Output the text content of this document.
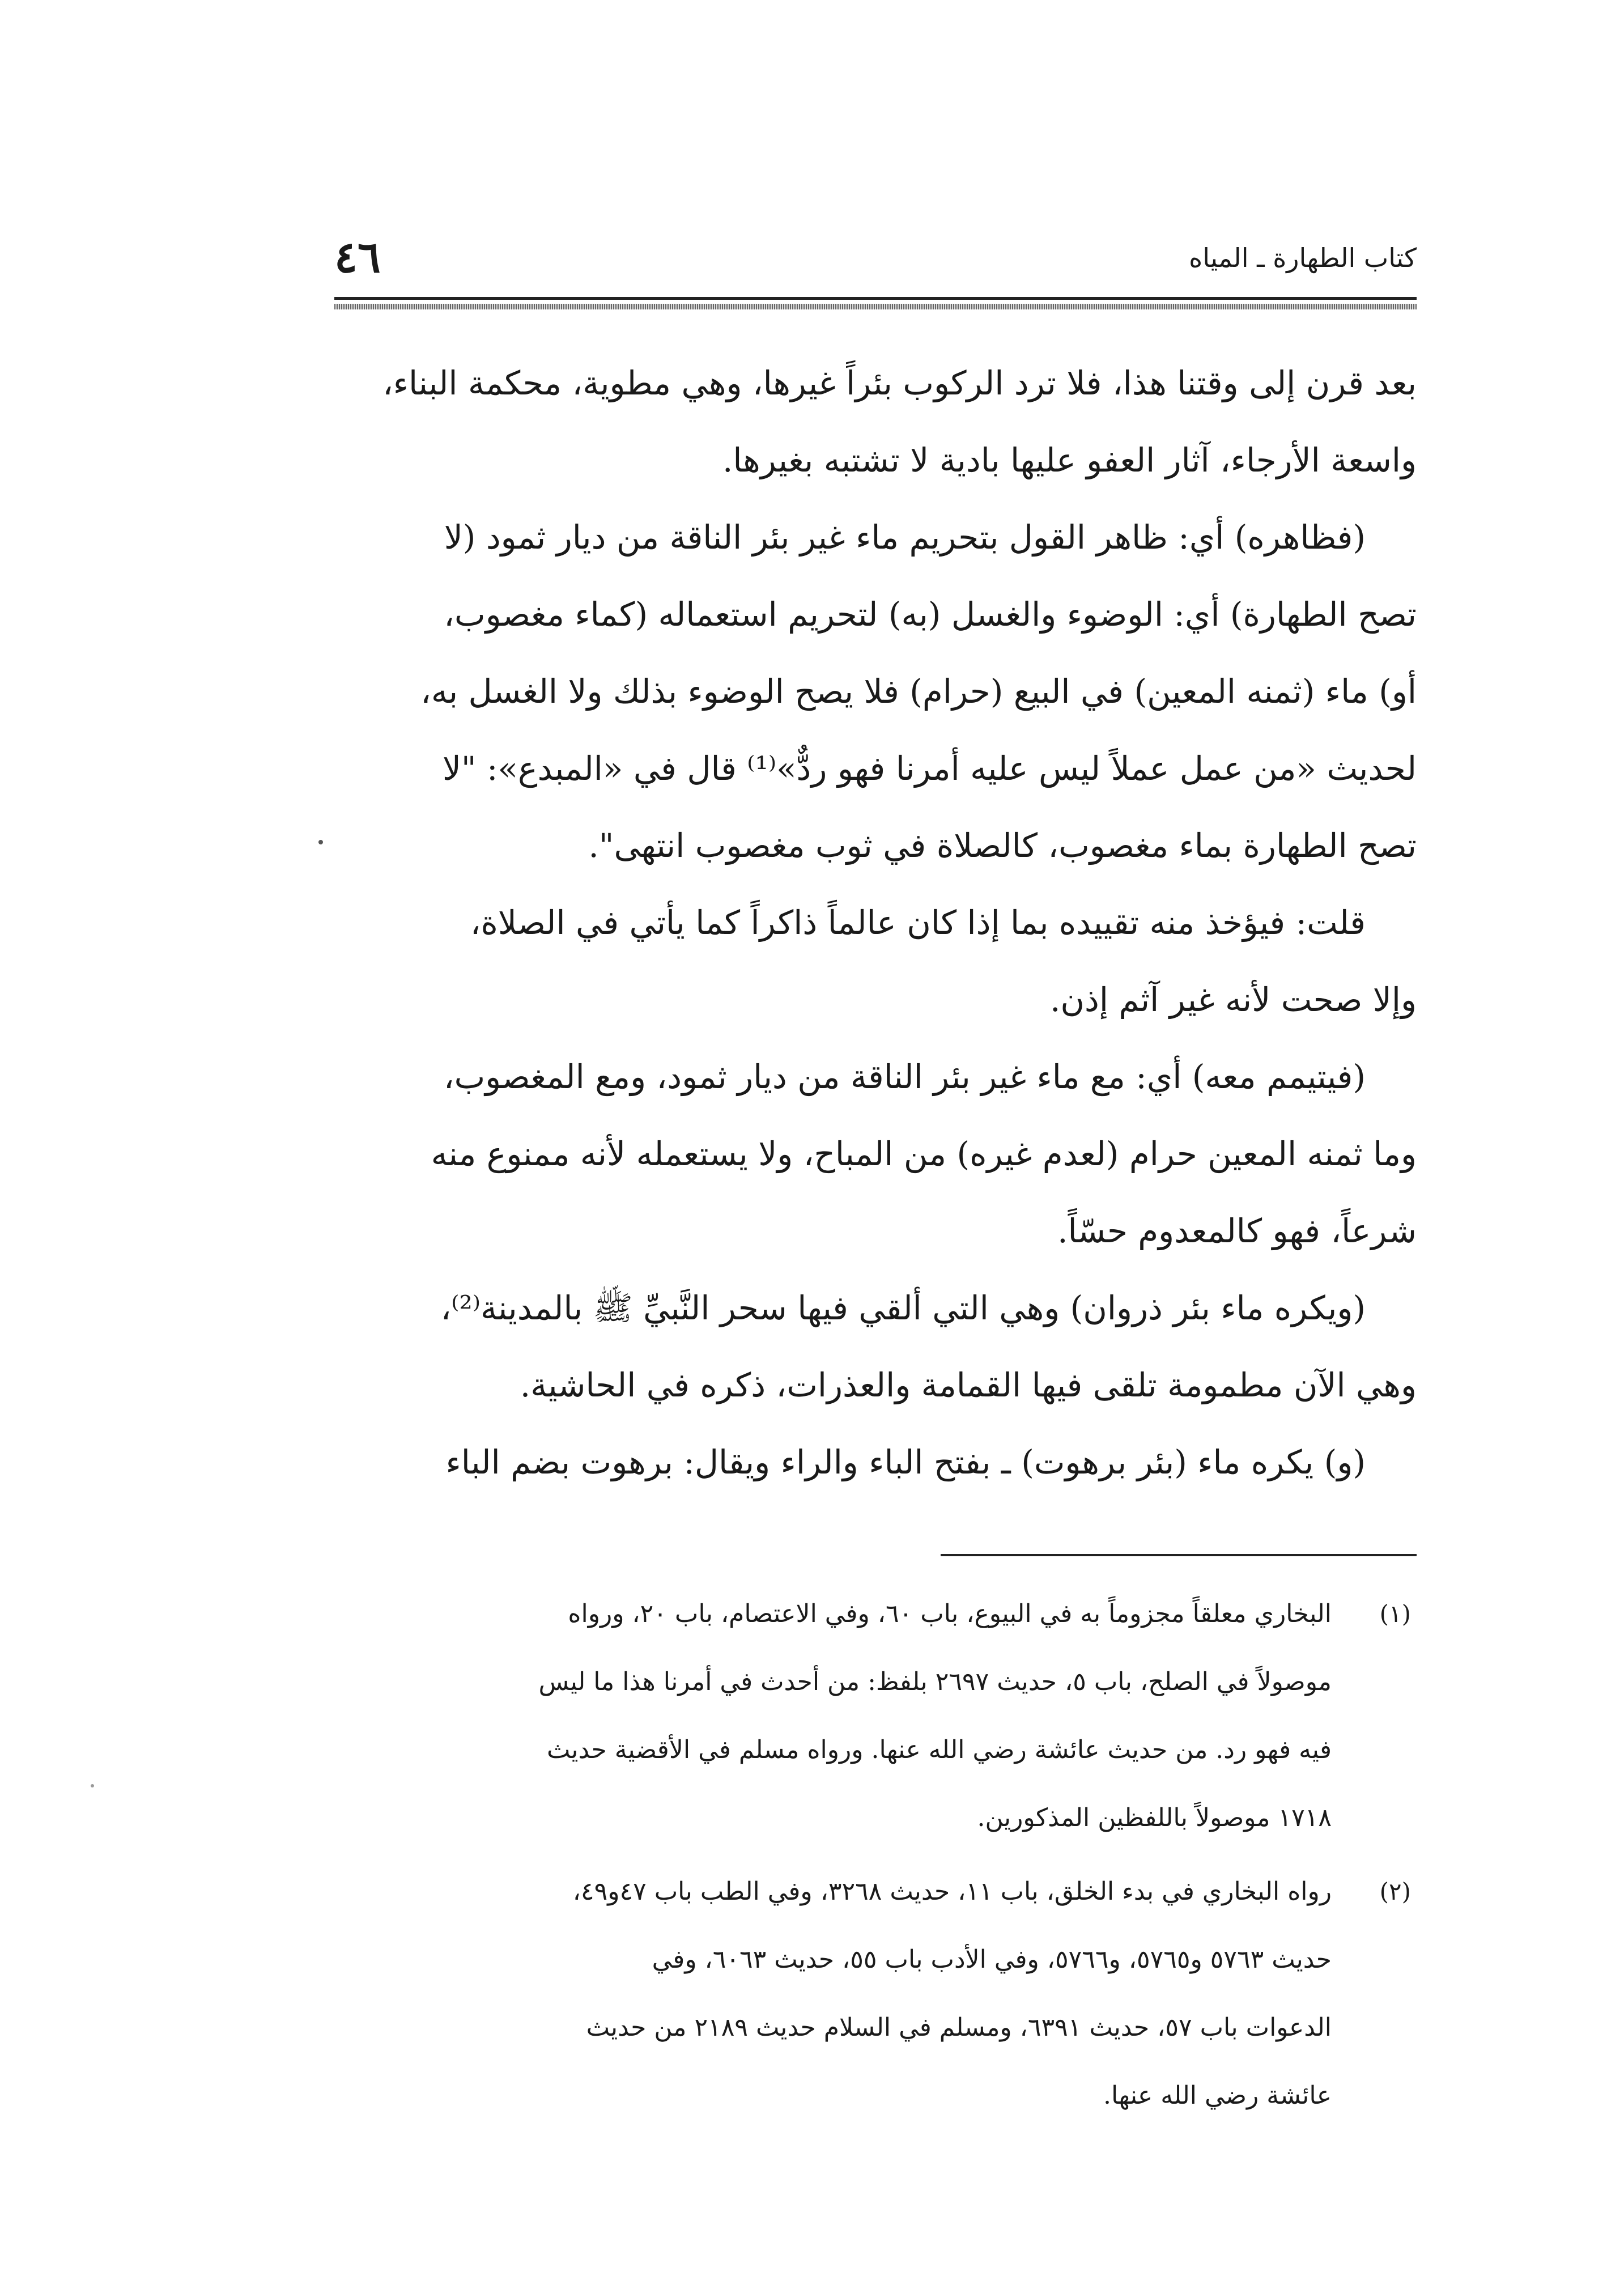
كتاب الطهارة ـ المياه
٤٦
بعد قرن إلى وقتنا هذا، فلا ترد الركوب بئراً غيرها، وهي مطوية، محكمة البناء،
واسعة الأرجاء، آثار العفو عليها بادية لا تشتبه بغيرها.
(فظاهره) أي: ظاهر القول بتحريم ماء غير بئر الناقة من ديار ثمود (لا
تصح الطهارة) أي: الوضوء والغسل (به) لتحريم استعماله (كماء مغصوب،
أو) ماء (ثمنه المعين) في البيع (حرام) فلا يصح الوضوء بذلك ولا الغسل به،
لحديث «من عمل عملاً ليس عليه أمرنا فهو ردٌّ»⁽¹⁾ قال في «المبدع»: "لا
تصح الطهارة بماء مغصوب، كالصلاة في ثوب مغصوب انتهى".
قلت: فيؤخذ منه تقييده بما إذا كان عالماً ذاكراً كما يأتي في الصلاة،
وإلا صحت لأنه غير آثم إذن.
(فيتيمم معه) أي: مع ماء غير بئر الناقة من ديار ثمود، ومع المغصوب،
وما ثمنه المعين حرام (لعدم غيره) من المباح، ولا يستعمله لأنه ممنوع منه
شرعاً، فهو كالمعدوم حسّاً.
(ويكره ماء بئر ذروان) وهي التي ألقي فيها سحر النَّبيِّ ﷺ بالمدينة⁽²⁾،
وهي الآن مطمومة تلقى فيها القمامة والعذرات، ذكره في الحاشية.
(و) يكره ماء (بئر برهوت) ـ بفتح الباء والراء ويقال: برهوت بضم الباء
(١)
البخاري معلقاً مجزوماً به في البيوع، باب ٦٠، وفي الاعتصام، باب ٢٠، ورواه
موصولاً في الصلح، باب ٥، حديث ٢٦٩٧ بلفظ: من أحدث في أمرنا هذا ما ليس
فيه فهو رد. من حديث عائشة رضي الله عنها. ورواه مسلم في الأقضية حديث
١٧١٨ موصولاً باللفظين المذكورين.
(٢)
رواه البخاري في بدء الخلق، باب ١١، حديث ٣٢٦٨، وفي الطب باب ٤٧و٤٩،
حديث ٥٧٦٣ و٥٧٦٥، و٥٧٦٦، وفي الأدب باب ٥٥، حديث ٦٠٦٣، وفي
الدعوات باب ٥٧، حديث ٦٣٩١، ومسلم في السلام حديث ٢١٨٩ من حديث
عائشة رضي الله عنها.
